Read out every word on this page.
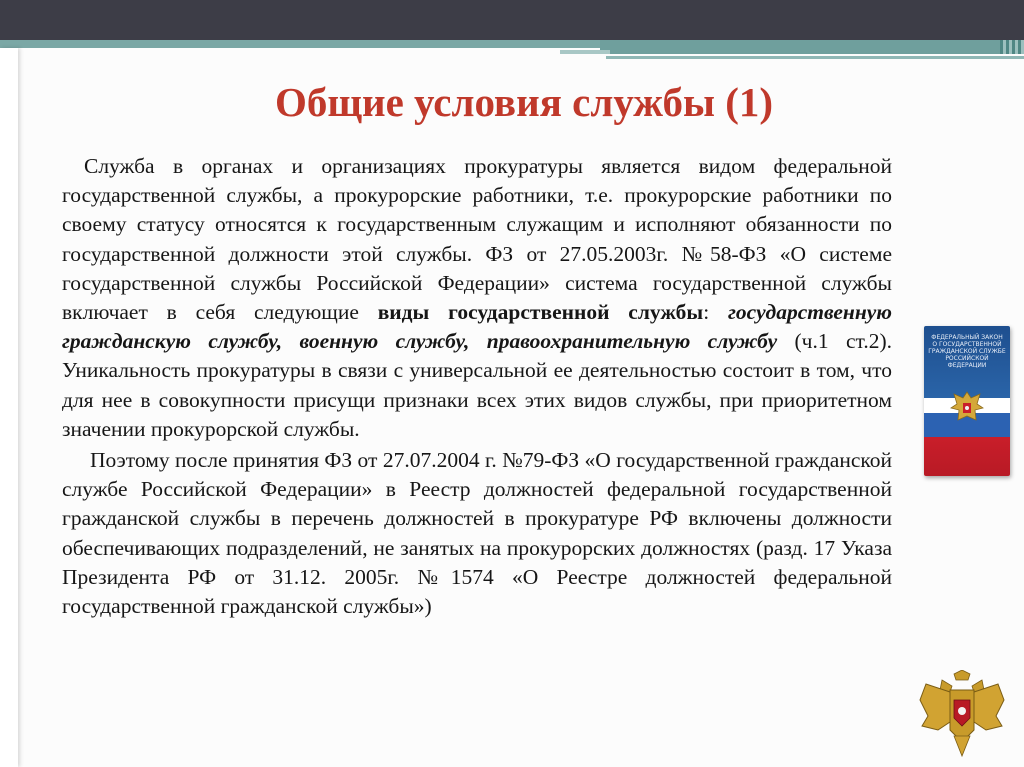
Общие условия службы (1)

Служба в органах и организациях прокуратуры является видом федеральной государственной службы, а прокурорские работники, т.е. прокурорские работники по своему статусу относятся к государственным служащим и исполняют обязанности по государственной должности этой службы. ФЗ от 27.05.2003г. №58-ФЗ «О системе государственной службы Российской Федерации» система государственной службы включает в себя следующие виды государственной службы: государственную гражданскую службу, военную службу, правоохранительную службу (ч.1 ст.2). Уникальность прокуратуры в связи с универсальной ее деятельностью состоит в том, что для нее в совокупности присущи признаки всех этих видов службы, при приоритетном значении прокурорской службы.

Поэтому после принятия ФЗ от 27.07.2004 г. №79-ФЗ «О государственной гражданской службе Российской Федерации» в Реестр должностей федеральной государственной гражданской службы в перечень должностей в прокуратуре РФ включены должности обеспечивающих подразделений, не занятых на прокурорских должностях (разд. 17 Указа Президента РФ от 31.12. 2005г. №1574 «О Реестре должностей федеральной государственной гражданской службы»)

ФЕДЕРАЛЬНЫЙ ЗАКОН О ГОСУДАРСТВЕННОЙ ГРАЖДАНСКОЙ СЛУЖБЕ РОССИЙСКОЙ ФЕДЕРАЦИИ
